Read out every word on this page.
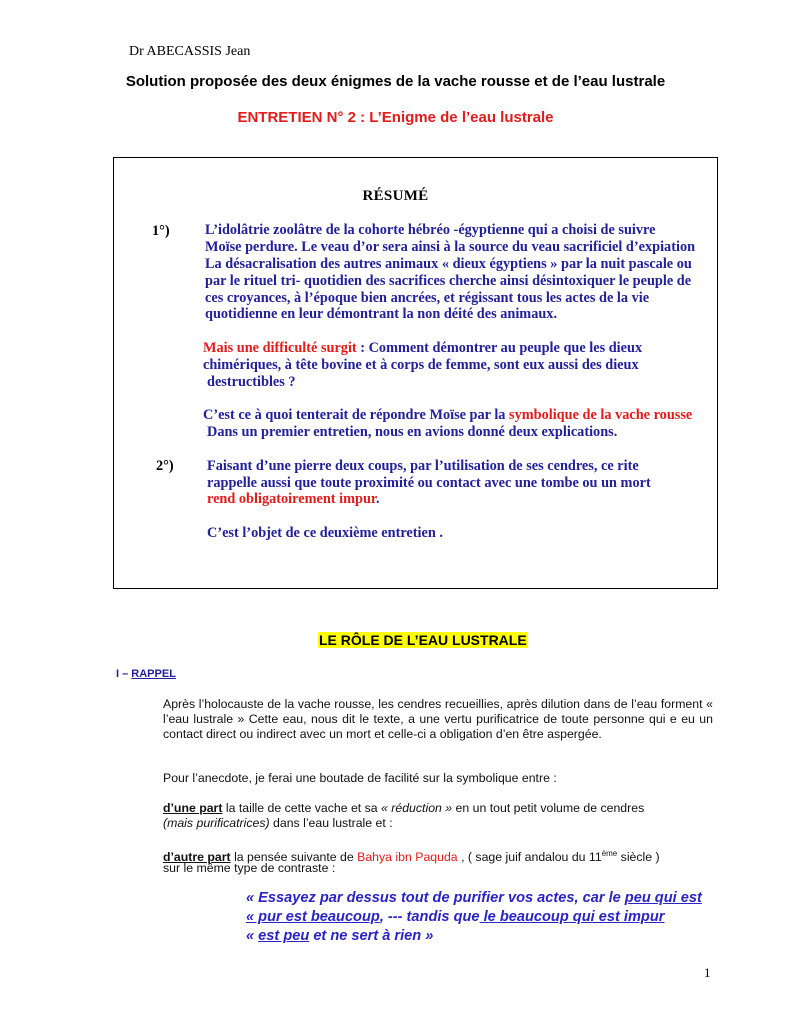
Dr ABECASSIS Jean
Solution proposée des deux énigmes de la vache rousse et de l’eau lustrale
ENTRETIEN N° 2 : L’Enigme de l’eau lustrale
RÉSUMÉ
1°) L’idolâtrie zoolâtre de la cohorte hébréo -égyptienne qui a choisi de suivre
Moïse perdure. Le veau d’or sera ainsi à la source du veau sacrificiel d’expiation
La désacralisation des autres animaux « dieux égyptiens » par la nuit pascale ou
par le rituel tri- quotidien des sacrifices cherche ainsi désintoxiquer le peuple de
ces croyances, à l’époque bien ancrées, et régissant tous les actes de la vie
quotidienne en leur démontrant la non déité des animaux.
Mais une difficulté surgit : Comment démontrer au peuple que les dieux
chimériques, à tête bovine et à corps de femme, sont eux aussi des dieux
destructibles ?
C’est ce à quoi tenterait de répondre Moïse par la symbolique de la vache rousse
Dans un premier entretien, nous en avions donné deux explications.
2°) Faisant d’une pierre deux coups, par l’utilisation de ses cendres, ce rite
rappelle aussi que toute proximité ou contact avec une tombe ou un mort
rend obligatoirement impur.
C’est l’objet de ce deuxième entretien .
LE RÔLE DE L’EAU LUSTRALE
I – RAPPEL
Après l’holocauste de la vache rousse, les cendres recueillies, après dilution dans de l’eau forment « l’eau lustrale » Cette eau, nous dit le texte, a une vertu purificatrice de toute personne qui e eu un contact direct ou indirect avec un mort et celle-ci a obligation d’en être aspergée.
Pour l’anecdote, je ferai une boutade de facilité sur la symbolique entre :
d’une part la taille de cette vache et sa « réduction » en un tout petit volume de cendres
(mais purificatrices) dans l’eau lustrale et :
d’autre part la pensée suivante de Bahya ibn Paquda , ( sage juif andalou du 11ème siècle )
sur le même type de contraste :
« Essayez par dessus tout de purifier vos actes, car le peu qui est
« pur est beaucoup, --- tandis que le beaucoup qui est impur
« est peu et ne sert à rien »
1
